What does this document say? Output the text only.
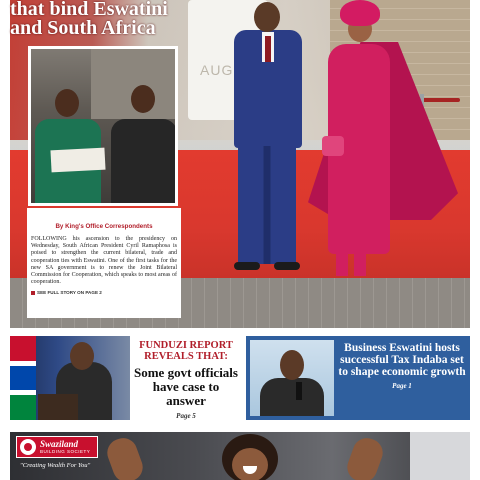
AUG
that bind Eswatini
and South Africa
By King's Office Correspondents
FOLLOWING his ascension to the presidency on Wednesday, South African President Cyril Ramaphosa is poised to strengthen the current bilateral, trade and cooperation ties with Eswatini. One of the first tasks for the new SA government is to renew the Joint Bilateral Commission for Cooperation, which speaks to most areas of cooperation.
SEE FULL STORY ON PAGE 2
FUNDUZI REPORT REVEALS THAT:
Some govt officials have case to answer
Page 5
Business Eswatini hosts successful Tax Indaba set to shape economic growth
Page 1
Swaziland
BUILDING SOCIETY
"Creating Wealth For You"
